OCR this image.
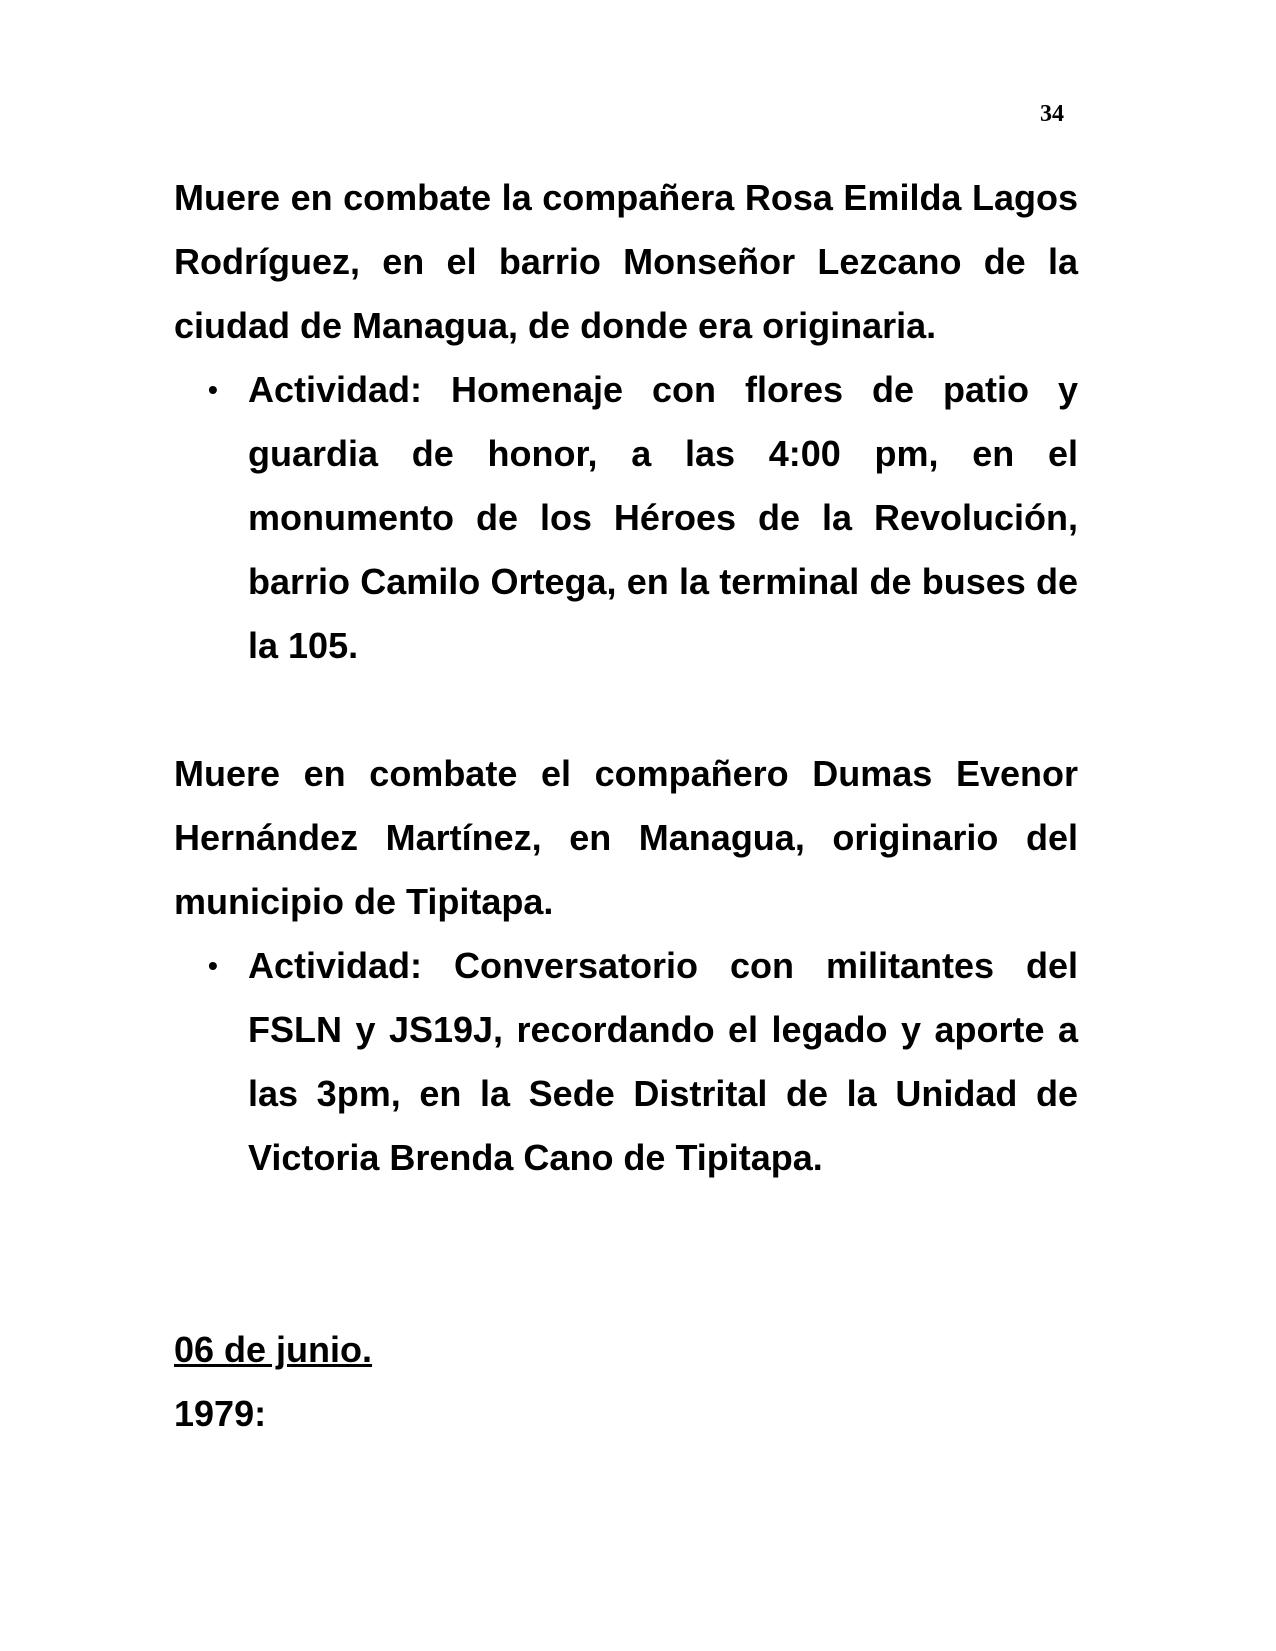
34

Muere en combate la compañera Rosa Emilda Lagos Rodríguez, en el barrio Monseñor Lezcano de la ciudad de Managua, de donde era originaria.

• Actividad: Homenaje con flores de patio y guardia de honor, a las 4:00 pm, en el monumento de los Héroes de la Revolución, barrio Camilo Ortega, en la terminal de buses de la 105.

Muere en combate el compañero Dumas Evenor Hernández Martínez, en Managua, originario del municipio de Tipitapa.

• Actividad: Conversatorio con militantes del FSLN y JS19J, recordando el legado y aporte a las 3pm, en la Sede Distrital de la Unidad de Victoria Brenda Cano de Tipitapa.

06 de junio.

1979:
